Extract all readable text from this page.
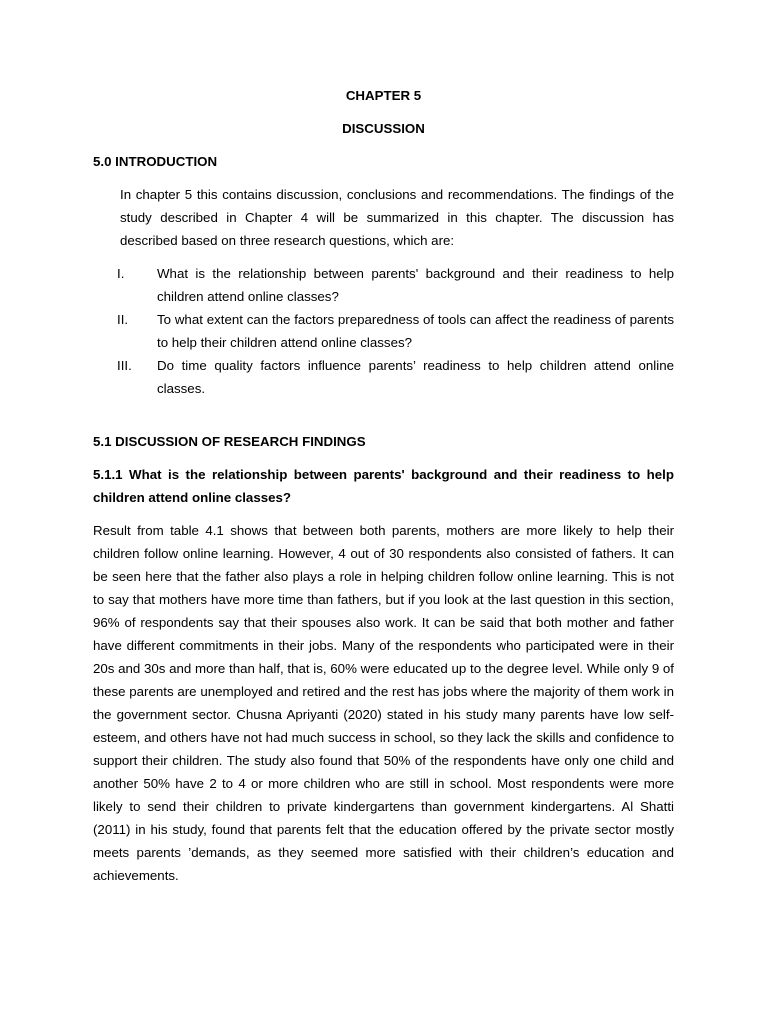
CHAPTER 5

DISCUSSION

5.0 INTRODUCTION

In chapter 5 this contains discussion, conclusions and recommendations. The findings of the study described in Chapter 4 will be summarized in this chapter. The discussion has described based on three research questions, which are:

I.	What is the relationship between parents' background and their readiness to help children attend online classes?
II.	To what extent can the factors preparedness of tools can affect the readiness of parents to help their children attend online classes?
III.	Do time quality factors influence parents’ readiness to help children attend online classes.

5.1 DISCUSSION OF RESEARCH FINDINGS

5.1.1 What is the relationship between parents' background and their readiness to help children attend online classes?

Result from table 4.1 shows that between both parents, mothers are more likely to help their children follow online learning. However, 4 out of 30 respondents also consisted of fathers. It can be seen here that the father also plays a role in helping children follow online learning. This is not to say that mothers have more time than fathers, but if you look at the last question in this section, 96% of respondents say that their spouses also work. It can be said that both mother and father have different commitments in their jobs. Many of the respondents who participated were in their 20s and 30s and more than half, that is, 60% were educated up to the degree level. While only 9 of these parents are unemployed and retired and the rest has jobs where the majority of them work in the government sector. Chusna Apriyanti (2020) stated in his study many parents have low self-esteem, and others have not had much success in school, so they lack the skills and confidence to support their children. The study also found that 50% of the respondents have only one child and another 50% have 2 to 4 or more children who are still in school. Most respondents were more likely to send their children to private kindergartens than government kindergartens. Al Shatti (2011) in his study, found that parents felt that the education offered by the private sector mostly meets parents ’demands, as they seemed more satisfied with their children’s education and achievements.
